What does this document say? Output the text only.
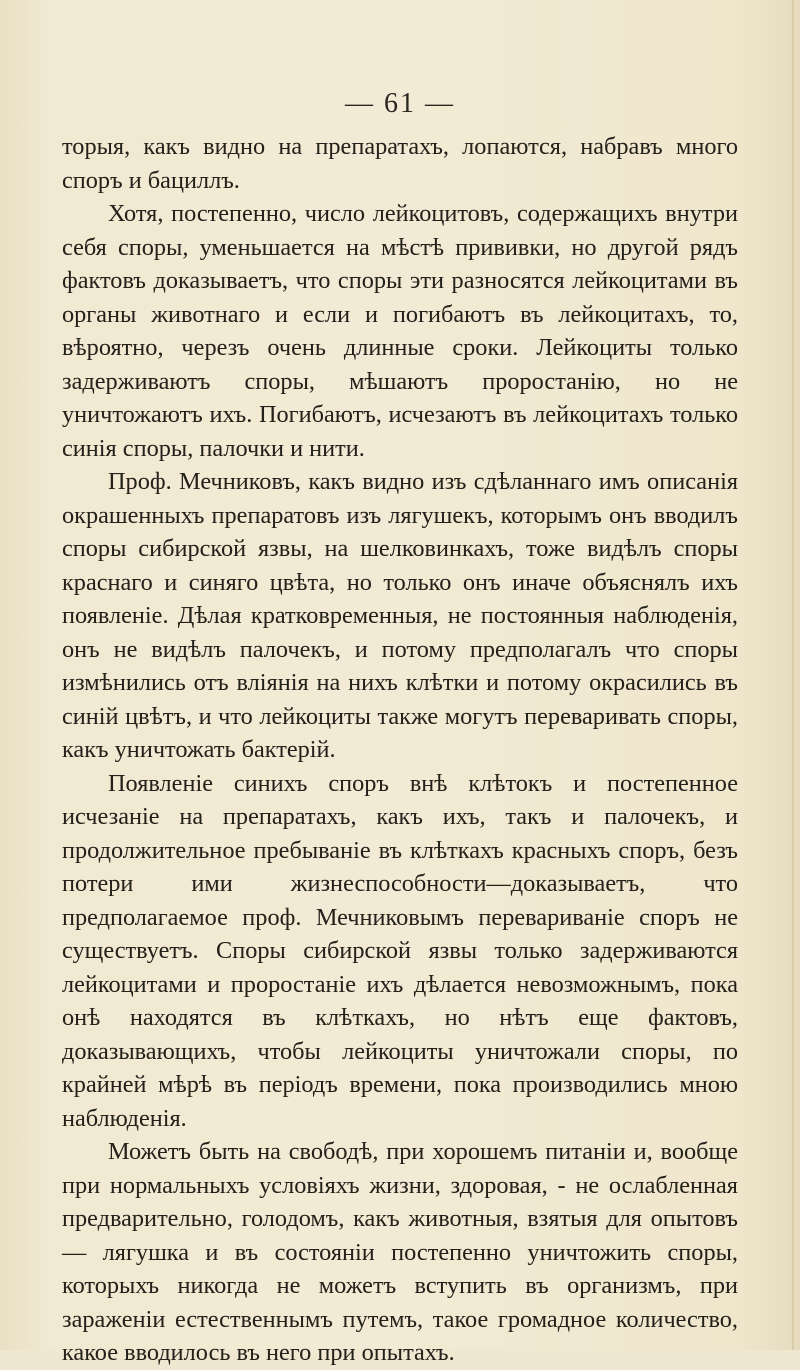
— 61 —

торыя, какъ видно на препаратахъ, лопаются, набравъ много споръ и бациллъ.

Хотя, постепенно, число лейкоцитовъ, содержащихъ внутри себя споры, уменьшается на мѣстѣ прививки, но другой рядъ фактовъ доказываетъ, что споры эти разносятся лейкоцитами въ органы животнаго и если и погибаютъ въ лейкоцитахъ, то, вѣроятно, черезъ очень длинные сроки. Лейкоциты только задерживаютъ споры, мѣшаютъ проростанію, но не уничтожаютъ ихъ. Погибаютъ, исчезаютъ въ лейкоцитахъ только синія споры, палочки и нити.

Проф. Мечниковъ, какъ видно изъ сдѣланнаго имъ описанія окрашенныхъ препаратовъ изъ лягушекъ, которымъ онъ вводилъ споры сибирской язвы, на шелковинкахъ, тоже видѣлъ споры краснаго и синяго цвѣта, но только онъ иначе объяснялъ ихъ появленіе. Дѣлая кратковременныя, не постоянныя наблюденія, онъ не видѣлъ палочекъ, и потому предполагалъ что споры измѣнились отъ вліянія на нихъ клѣтки и потому окрасились въ синій цвѣтъ, и что лейкоциты также могутъ переваривать споры, какъ уничтожать бактерій.

Появленіе синихъ споръ внѣ клѣтокъ и постепенное исчезаніе на препаратахъ, какъ ихъ, такъ и палочекъ, и продолжительное пребываніе въ клѣткахъ красныхъ споръ, безъ потери ими жизнеспособности—доказываетъ, что предполагаемое проф. Мечниковымъ перевариваніе споръ не существуетъ. Споры сибирской язвы только задерживаются лейкоцитами и проростаніе ихъ дѣлается невозможнымъ, пока онѣ находятся въ клѣткахъ, но нѣтъ еще фактовъ, доказывающихъ, чтобы лейкоциты уничтожали споры, по крайней мѣрѣ въ періодъ времени, пока производились мною наблюденія.

Можетъ быть на свободѣ, при хорошемъ питаніи и, вообще при нормальныхъ условіяхъ жизни, здоровая, - не ослабленная предварительно, голодомъ, какъ животныя, взятыя для опытовъ — лягушка и въ состояніи постепенно уничтожить споры, которыхъ никогда не можетъ вступить въ организмъ, при зараженіи естественнымъ путемъ, такое громадное количество, какое вводилось въ него при опытахъ.
